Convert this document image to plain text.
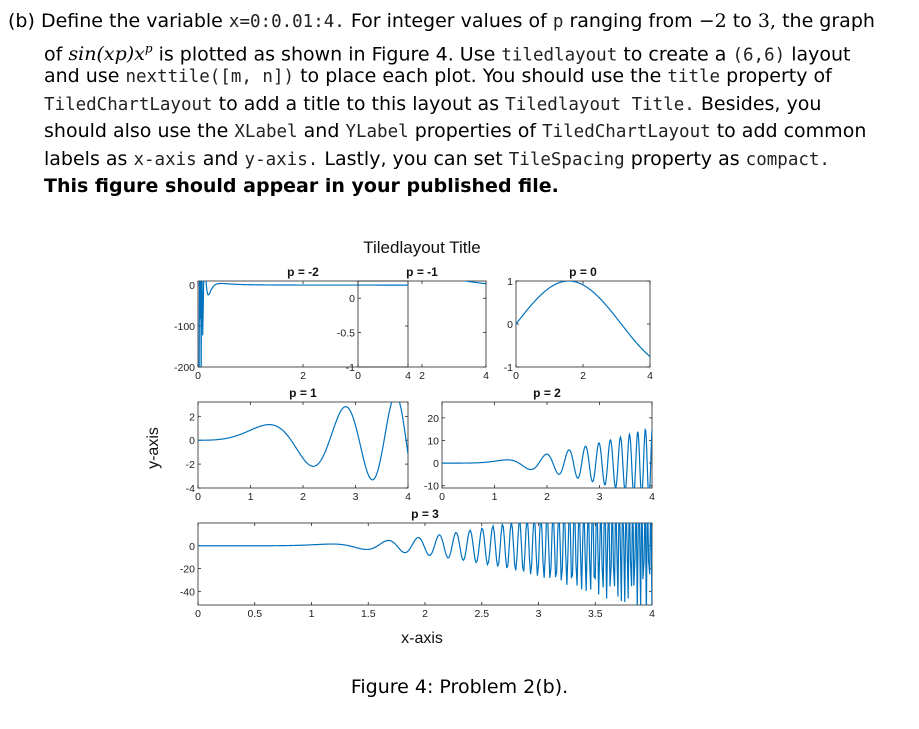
(b) Define the variable x=0:0.01:4. For integer values of p ranging from −2 to 3, the graph
of $\sin(xp)x^p$ is plotted as shown in Figure 4. Use tiledlayout to create a (6,6) layout
and use nexttile([m, n]) to place each plot. You should use the title property of
TiledChartLayout to add a title to this layout as Tiledlayout Title. Besides, you
should also use the XLabel and YLabel properties of TiledChartLayout to add common
labels as x-axis and y-axis. Lastly, you can set TileSpacing property as compact.
This figure should appear in your published file.
Tiledlayout Title
x-axis
y-axis
p = -2
0	2	4
0
-100
-200
p = -1
0	2	4
0
-0.5
-1
p = 0
0	2	4
1
0
-1
p = 1
0	1	2	3	4
2
0
-2
-4
p = 2
0	1	2	3	4
20
10
0
-10
p = 3
0	0.5	1	1.5	2	2.5	3	3.5	4
0
-20
-40
Figure 4: Problem 2(b).
